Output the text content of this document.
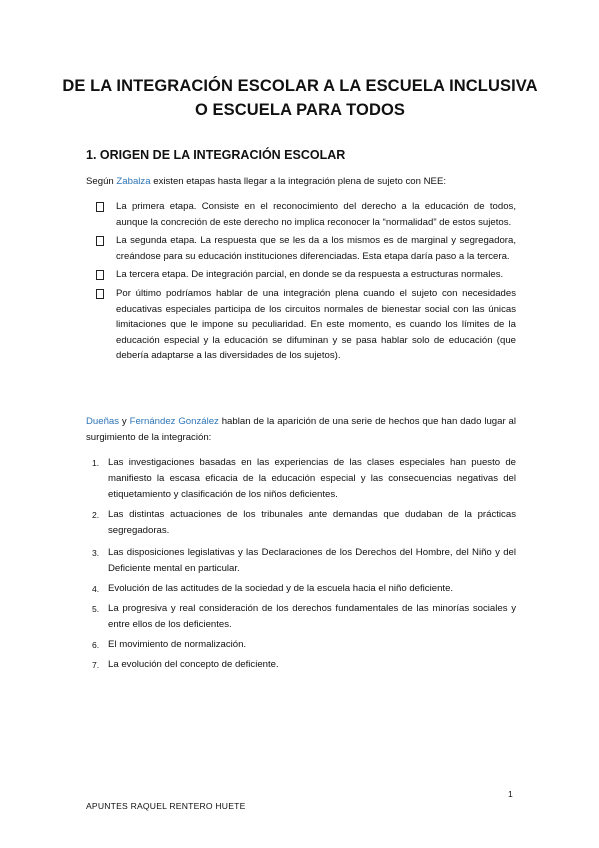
DE LA INTEGRACIÓN ESCOLAR A LA ESCUELA INCLUSIVA O ESCUELA PARA TODOS
1. ORIGEN DE LA INTEGRACIÓN ESCOLAR
Según Zabalza existen etapas hasta llegar a la integración plena de sujeto con NEE:
La primera etapa. Consiste en el reconocimiento del derecho a la educación de todos, aunque la concreción de este derecho no implica reconocer la “normalidad” de estos sujetos.
La segunda etapa. La respuesta que se les da a los mismos es de marginal y segregadora, creándose para su educación instituciones diferenciadas. Esta etapa daría paso a la tercera.
La tercera etapa. De integración parcial, en donde se da respuesta a estructuras normales.
Por último podríamos hablar de una integración plena cuando el sujeto con necesidades educativas especiales participa de los circuitos normales de bienestar social con las únicas limitaciones que le impone su peculiaridad. En este momento, es cuando los límites de la educación especial y la educación se difuminan y se pasa hablar solo de educación (que debería adaptarse a las diversidades de los sujetos).
Dueñas y Fernández González hablan de la aparición de una serie de hechos que han dado lugar al surgimiento de la integración:
1. Las investigaciones basadas en las experiencias de las clases especiales han puesto de manifiesto la escasa eficacia de la educación especial y las consecuencias negativas del etiquetamiento y clasificación de los niños deficientes.
2. Las distintas actuaciones de los tribunales ante demandas que dudaban de la prácticas segregadoras.
3. Las disposiciones legislativas y las Declaraciones de los Derechos del Hombre, del Niño y del Deficiente mental en particular.
4. Evolución de las actitudes de la sociedad y de la escuela hacia el niño deficiente.
5. La progresiva y real consideración de los derechos fundamentales de las minorías sociales y entre ellos de los deficientes.
6. El movimiento de normalización.
7. La evolución del concepto de deficiente.
1
APUNTES RAQUEL RENTERO HUETE
